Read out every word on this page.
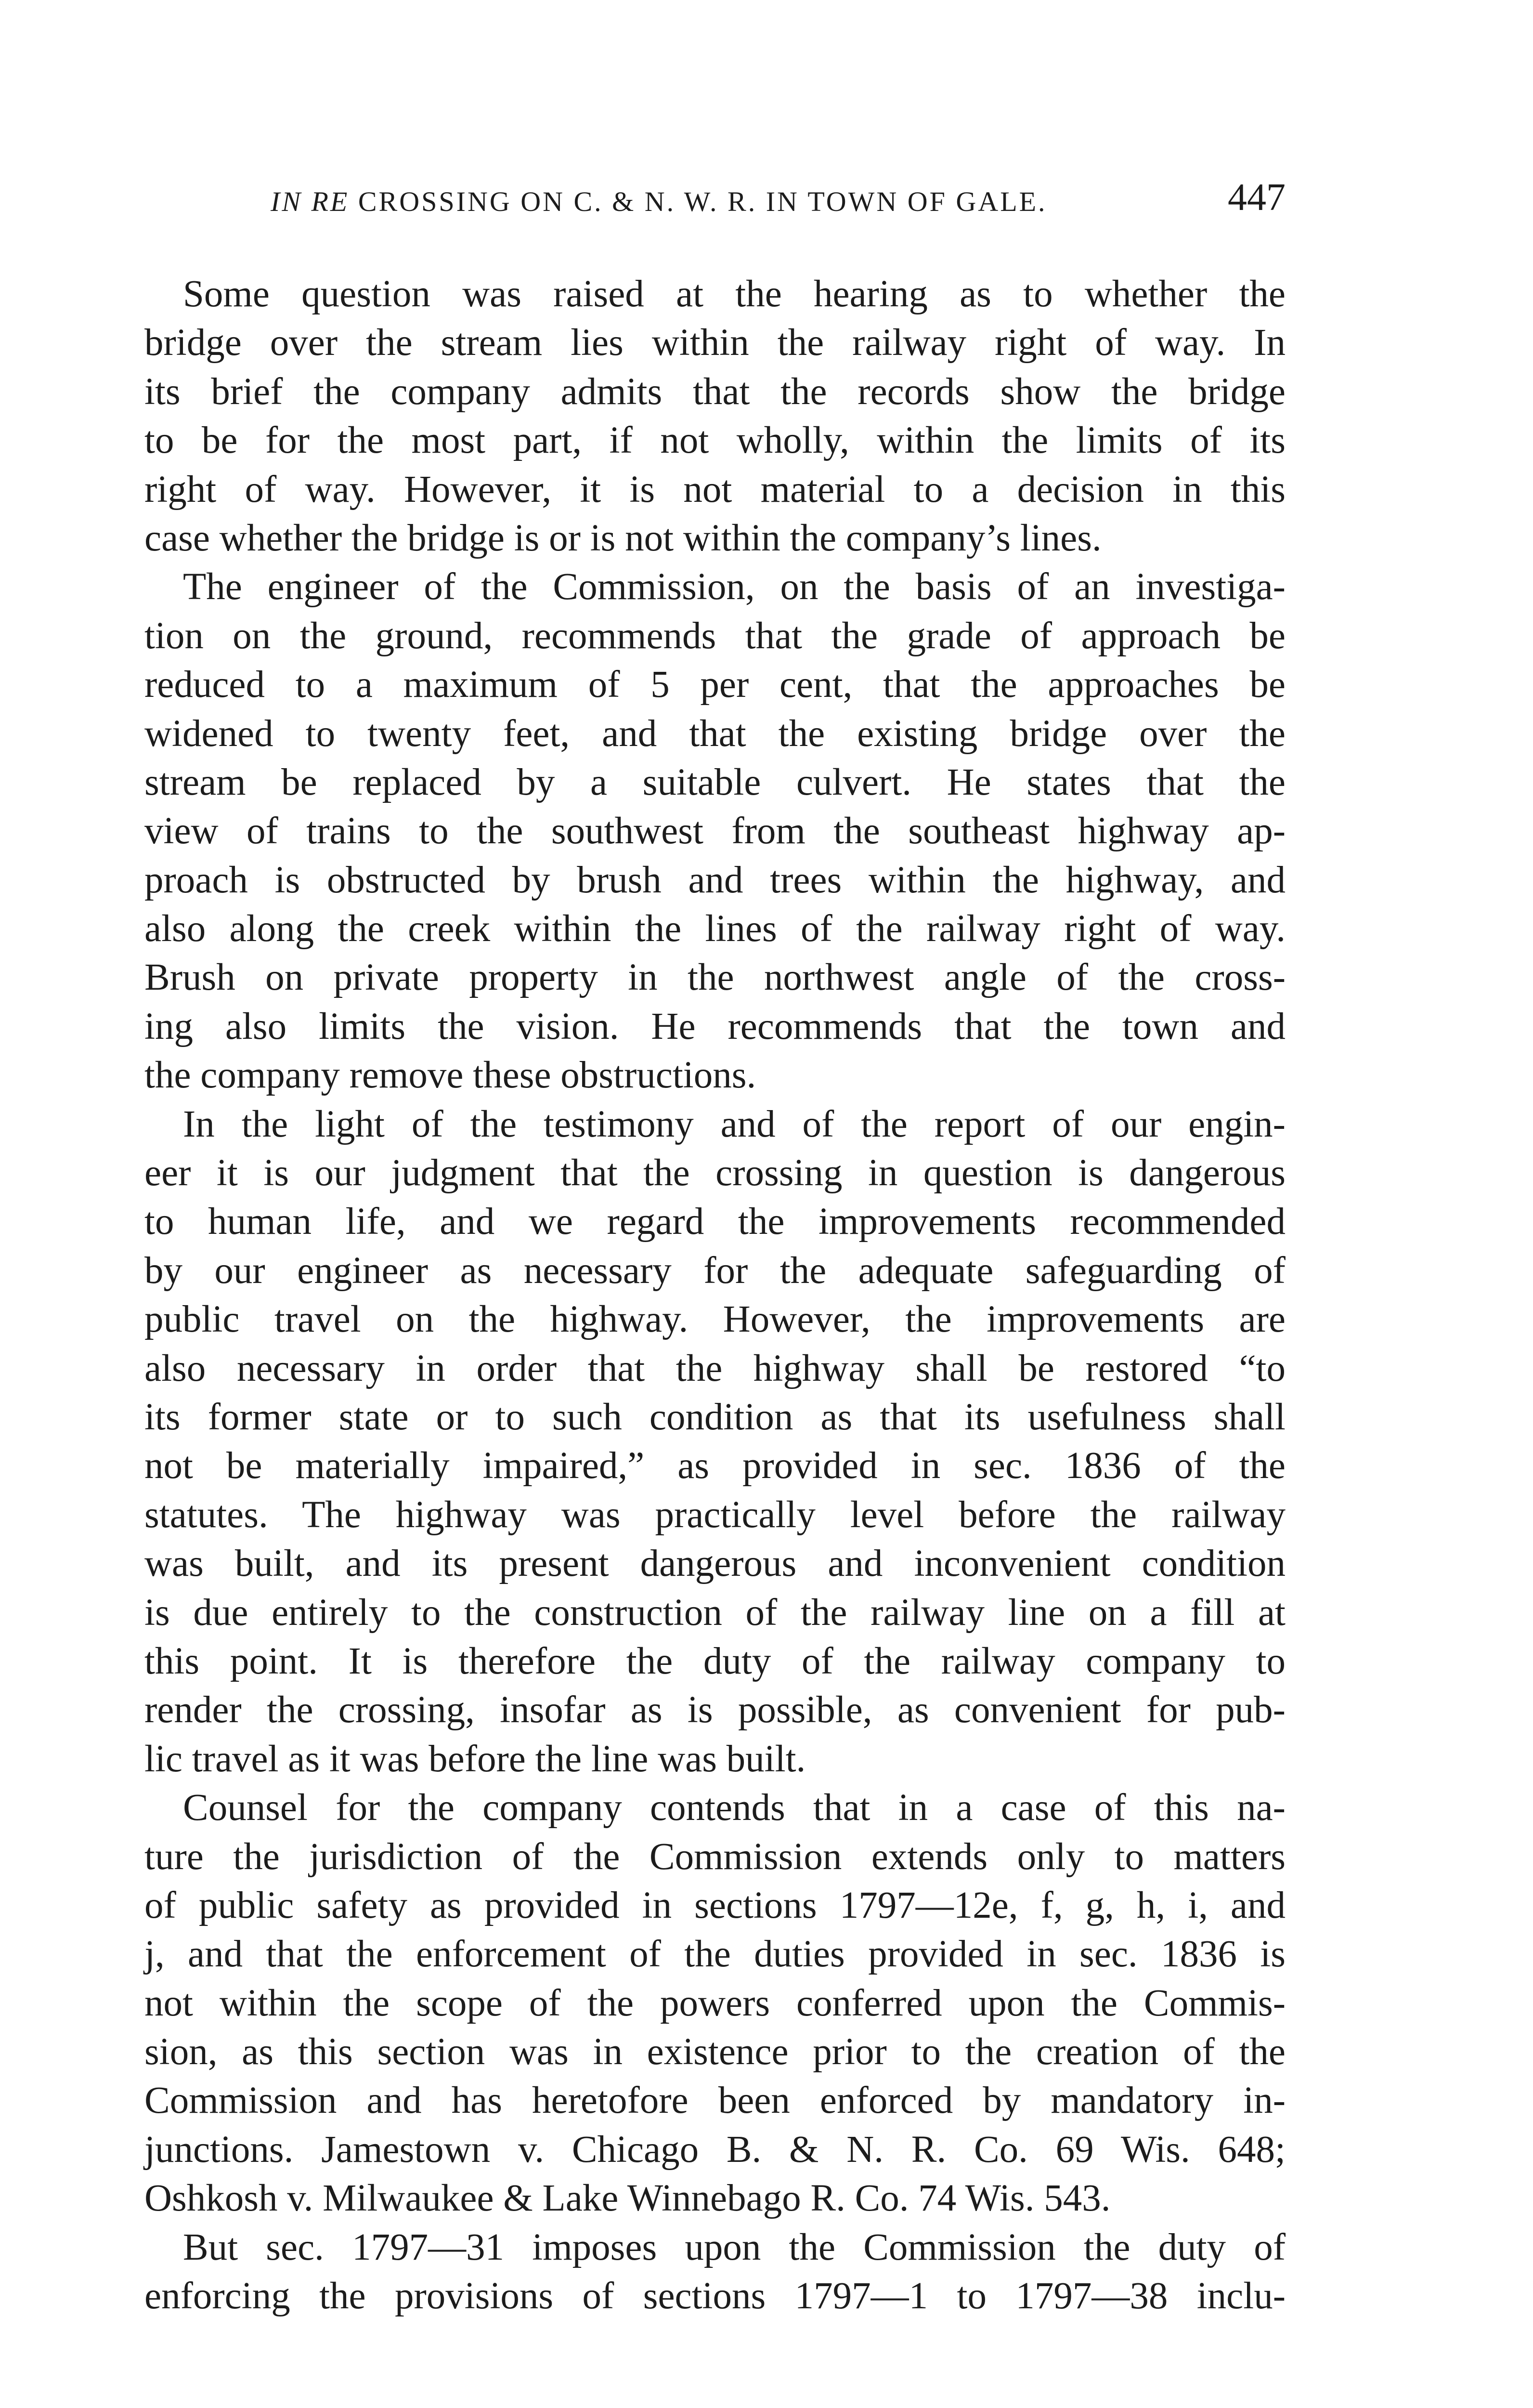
IN RE CROSSING ON C. & N. W. R. IN TOWN OF GALE.	447
Some question was raised at the hearing as to whether the
bridge over the stream lies within the railway right of way. In
its brief the company admits that the records show the bridge
to be for the most part, if not wholly, within the limits of its
right of way. However, it is not material to a decision in this
case whether the bridge is or is not within the company’s lines.
The engineer of the Commission, on the basis of an investiga-
tion on the ground, recommends that the grade of approach be
reduced to a maximum of 5 per cent, that the approaches be
widened to twenty feet, and that the existing bridge over the
stream be replaced by a suitable culvert. He states that the
view of trains to the southwest from the southeast highway ap-
proach is obstructed by brush and trees within the highway, and
also along the creek within the lines of the railway right of way.
Brush on private property in the northwest angle of the cross-
ing also limits the vision. He recommends that the town and
the company remove these obstructions.
In the light of the testimony and of the report of our engin-
eer it is our judgment that the crossing in question is dangerous
to human life, and we regard the improvements recommended
by our engineer as necessary for the adequate safeguarding of
public travel on the highway. However, the improvements are
also necessary in order that the highway shall be restored “to
its former state or to such condition as that its usefulness shall
not be materially impaired,” as provided in sec. 1836 of the
statutes. The highway was practically level before the railway
was built, and its present dangerous and inconvenient condition
is due entirely to the construction of the railway line on a fill at
this point. It is therefore the duty of the railway company to
render the crossing, insofar as is possible, as convenient for pub-
lic travel as it was before the line was built.
Counsel for the company contends that in a case of this na-
ture the jurisdiction of the Commission extends only to matters
of public safety as provided in sections 1797—12e, f, g, h, i, and
j, and that the enforcement of the duties provided in sec. 1836 is
not within the scope of the powers conferred upon the Commis-
sion, as this section was in existence prior to the creation of the
Commission and has heretofore been enforced by mandatory in-
junctions. Jamestown v. Chicago B. & N. R. Co. 69 Wis. 648;
Oshkosh v. Milwaukee & Lake Winnebago R. Co. 74 Wis. 543.
But sec. 1797—31 imposes upon the Commission the duty of
enforcing the provisions of sections 1797—1 to 1797—38 inclu-
